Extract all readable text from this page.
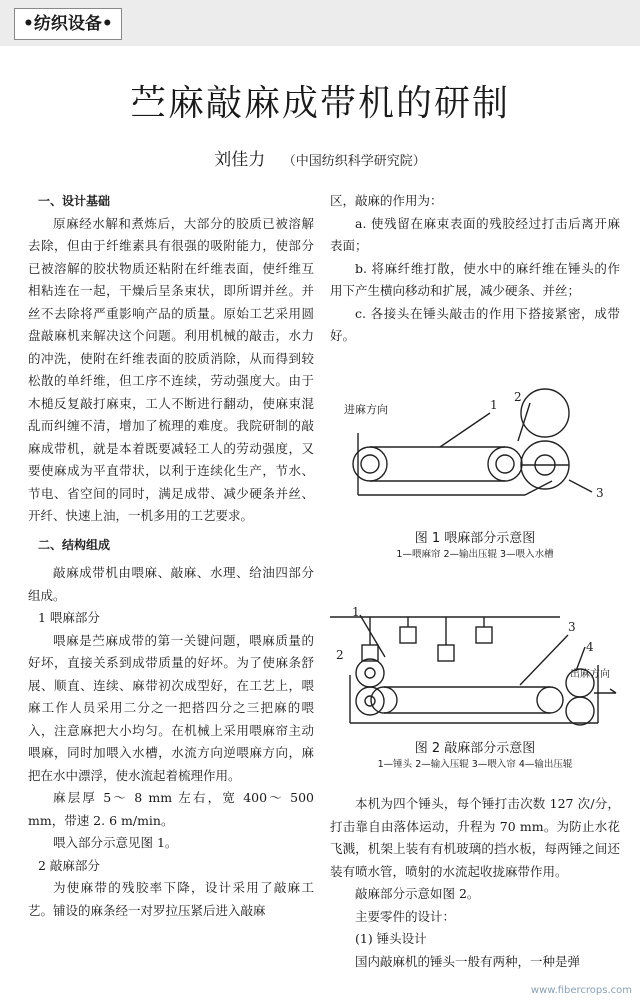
•纺织设备•
苎麻敲麻成带机的研制
刘佳力 （中国纺织科学研究院）

一、设计基础

原麻经水解和煮炼后，大部分的胶质已被溶解去除，但由于纤维素具有很强的吸附能力，使部分已被溶解的胶状物质还粘附在纤维表面，使纤维互相粘连在一起，干燥后呈条束状，即所谓并丝。并丝不去除将严重影响产品的质量。原始工艺采用圆盘敲麻机来解决这个问题。利用机械的敲击，水力的冲洗，使附在纤维表面的胶质消除，从而得到较松散的单纤维，但工序不连续，劳动强度大。由于木槌反复敲打麻束，工人不断进行翻动，使麻束混乱而纠缠不清，增加了梳理的难度。我院研制的敲麻成带机，就是本着既要减轻工人的劳动强度，又要使麻成为平直带状，以利于连续化生产，节水、节电、省空间的同时，满足成带、减少硬条并丝、开纤、快速上油，一机多用的工艺要求。

二、结构组成

敲麻成带机由喂麻、敲麻、水理、给油四部分组成。

1 喂麻部分

喂麻是苎麻成带的第一关键问题，喂麻质量的好坏，直接关系到成带质量的好坏。为了使麻条舒展、顺直、连续、麻带初次成型好，在工艺上，喂麻工作人员采用二分之一把搭四分之三把麻的喂入，注意麻把大小均匀。在机械上采用喂麻帘主动喂麻，同时加喂入水槽，水流方向逆喂麻方向，麻把在水中漂浮，使水流起着梳理作用。

麻层厚 5～ 8 mm 左右，宽 400～ 500 mm，带速 2. 6 m/min。

喂入部分示意见图 1。

2 敲麻部分

为使麻带的残胶率下降，设计采用了敲麻工艺。铺设的麻条经一对罗拉压紧后进入敲麻

区，敲麻的作用为：

a. 使残留在麻束表面的残胶经过打击后离开麻表面；

b. 将麻纤维打散，使水中的麻纤维在锤头的作用下产生横向移动和扩展，减少硬条、并丝；

c. 各接头在锤头敲击的作用下搭接紧密，成带好。

进麻方向	1
2
3
图 1 喂麻部分示意图
1—喂麻帘 2—输出压辊 3—喂入水槽
2
1
3
4
出麻方向
图 2 敲麻部分示意图
1—锤头 2—输入压辊 3—喂入帘 4—输出压辊

本机为四个锤头，每个锤打击次数 127 次/分，打击靠自由落体运动，升程为 70 mm。为防止水花飞溅，机架上装有有机玻璃的挡水板，每两锤之间还装有喷水管，喷射的水流起收拢麻带作用。

敲麻部分示意如图 2。

主要零件的设计：

(1) 锤头设计

国内敲麻机的锤头一般有两种，一种是弹

www.fibercrops.com
